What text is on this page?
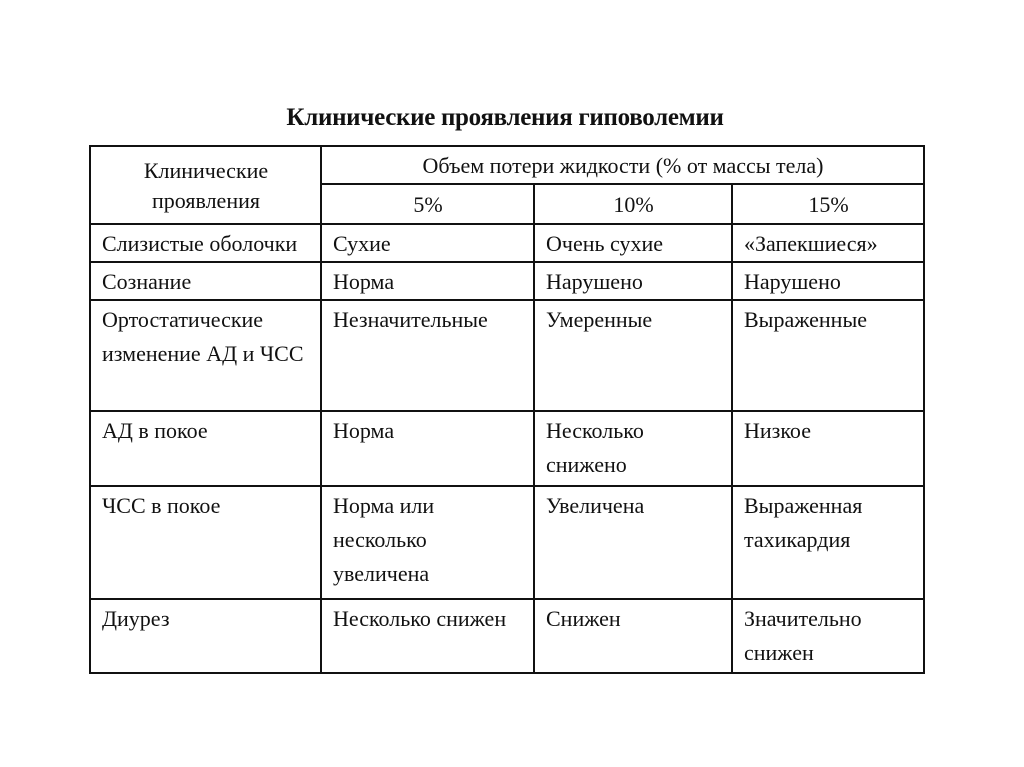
Клинические проявления гиповолемии
Клинические проявления	Объем потери жидкости (% от массы тела)		
	5%	10%	15%
Слизистые оболочки	Сухие	Очень сухие	«Запекшиеся»
Сознание	Норма	Нарушено	Нарушено
Ортостатические изменение АД и ЧСС	Незначительные	Умеренные	Выраженные
АД в покое	Норма	Несколько снижено	Низкое
ЧСС в покое	Норма или несколько увеличена	Увеличена	Выраженная тахикардия
Диурез	Несколько снижен	Снижен	Значительно снижен
